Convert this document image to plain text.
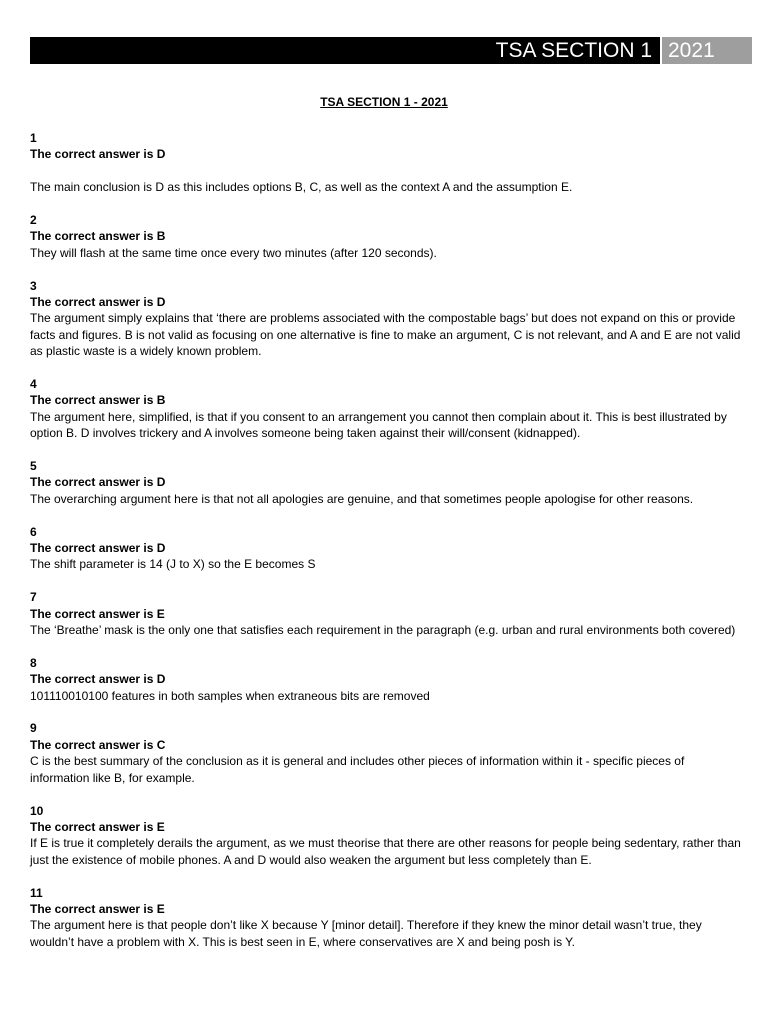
TSA SECTION 1 2021
TSA SECTION 1 - 2021
1
The correct answer is D
The main conclusion is D as this includes options B, C, as well as the context A and the assumption E.
2
The correct answer is B
They will flash at the same time once every two minutes (after 120 seconds).
3
The correct answer is D
The argument simply explains that ‘there are problems associated with the compostable bags’ but does not expand on this or provide facts and figures. B is not valid as focusing on one alternative is fine to make an argument, C is not relevant, and A and E are not valid as plastic waste is a widely known problem.
4
The correct answer is B
The argument here, simplified, is that if you consent to an arrangement you cannot then complain about it. This is best illustrated by option B. D involves trickery and A involves someone being taken against their will/consent (kidnapped).
5
The correct answer is D
The overarching argument here is that not all apologies are genuine, and that sometimes people apologise for other reasons.
6
The correct answer is D
The shift parameter is 14 (J to X) so the E becomes S
7
The correct answer is E
The ‘Breathe’ mask is the only one that satisfies each requirement in the paragraph (e.g. urban and rural environments both covered)
8
The correct answer is D
101110010100 features in both samples when extraneous bits are removed
9
The correct answer is C
C is the best summary of the conclusion as it is general and includes other pieces of information within it - specific pieces of information like B, for example.
10
The correct answer is E
If E is true it completely derails the argument, as we must theorise that there are other reasons for people being sedentary, rather than just the existence of mobile phones. A and D would also weaken the argument but less completely than E.
11
The correct answer is E
The argument here is that people don’t like X because Y [minor detail]. Therefore if they knew the minor detail wasn’t true, they wouldn’t have a problem with X. This is best seen in E, where conservatives are X and being posh is Y.
